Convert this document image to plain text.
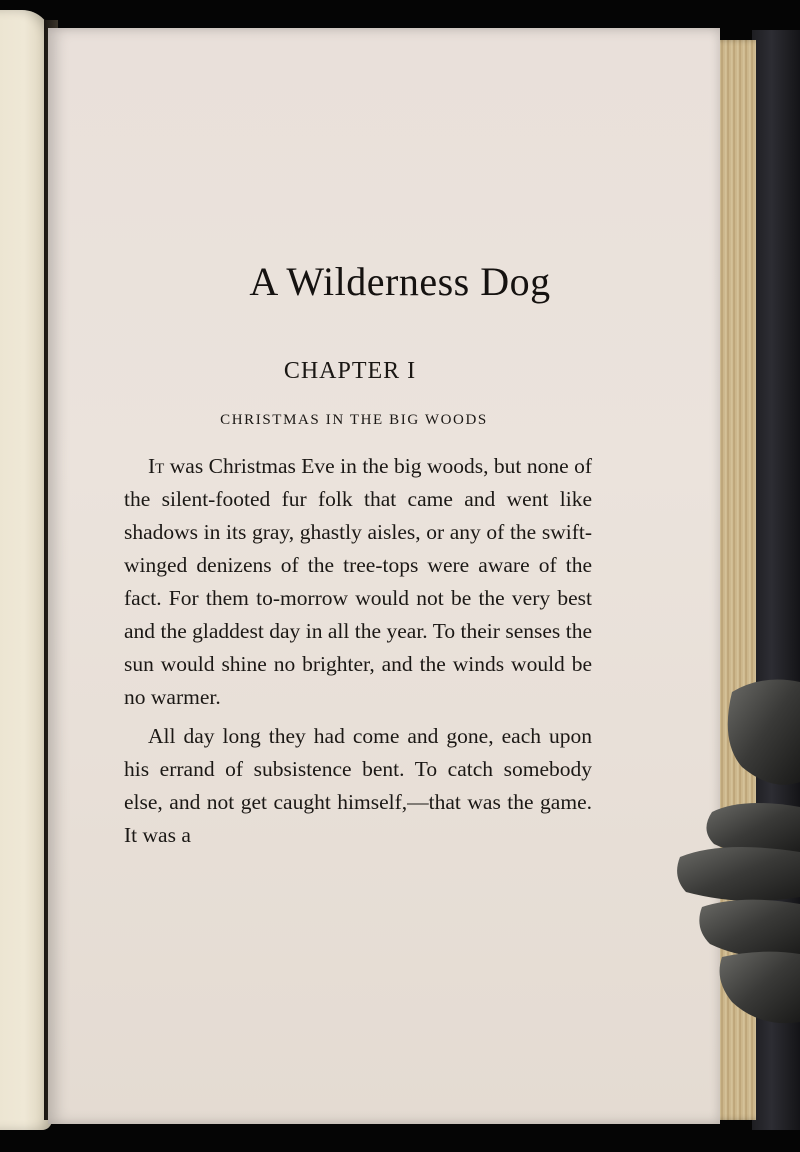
A Wilderness Dog
CHAPTER I
CHRISTMAS IN THE BIG WOODS

It was Christmas Eve in the big woods, but none of the silent-footed fur folk that came and went like shadows in its gray, ghastly aisles, or any of the swift-winged denizens of the tree-tops were aware of the fact. For them to-morrow would not be the very best and the gladdest day in all the year. To their senses the sun would shine no brighter, and the winds would be no warmer.

All day long they had come and gone, each upon his errand of subsistence bent. To catch somebody else, and not get caught himself,—that was the game. It was a
